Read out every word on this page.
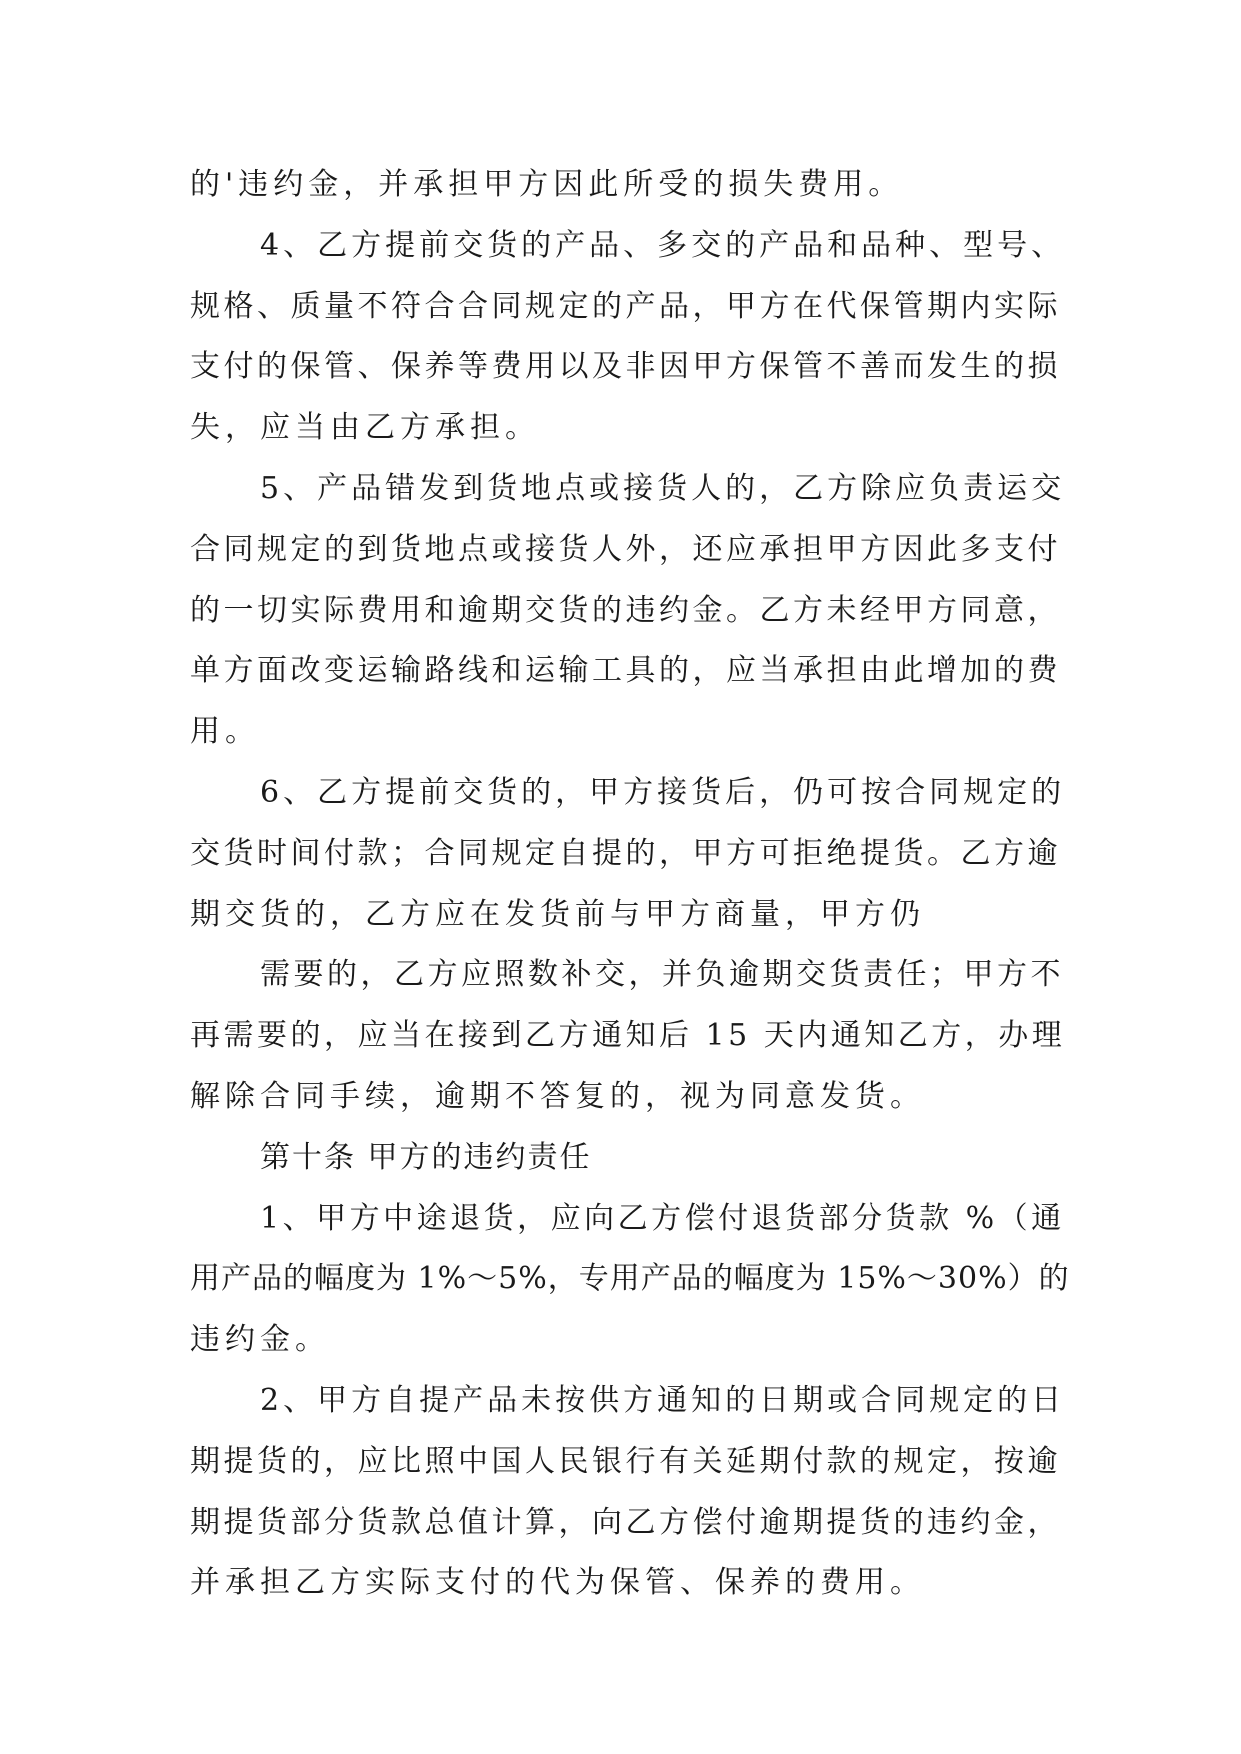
的'违约金，并承担甲方因此所受的损失费用。
4、乙方提前交货的产品、多交的产品和品种、型号、
规格、质量不符合合同规定的产品，甲方在代保管期内实际
支付的保管、保养等费用以及非因甲方保管不善而发生的损
失，应当由乙方承担。
5、产品错发到货地点或接货人的，乙方除应负责运交
合同规定的到货地点或接货人外，还应承担甲方因此多支付
的一切实际费用和逾期交货的违约金。乙方未经甲方同意，
单方面改变运输路线和运输工具的，应当承担由此增加的费
用。
6、乙方提前交货的，甲方接货后，仍可按合同规定的
交货时间付款；合同规定自提的，甲方可拒绝提货。乙方逾
期交货的，乙方应在发货前与甲方商量，甲方仍
需要的，乙方应照数补交，并负逾期交货责任；甲方不
再需要的，应当在接到乙方通知后 15 天内通知乙方，办理
解除合同手续，逾期不答复的，视为同意发货。
第十条 甲方的违约责任
1、甲方中途退货，应向乙方偿付退货部分货款 %（通
用产品的幅度为 1%～5%，专用产品的幅度为 15%～30%）的
违约金。
2、甲方自提产品未按供方通知的日期或合同规定的日
期提货的，应比照中国人民银行有关延期付款的规定，按逾
期提货部分货款总值计算，向乙方偿付逾期提货的违约金，
并承担乙方实际支付的代为保管、保养的费用。
